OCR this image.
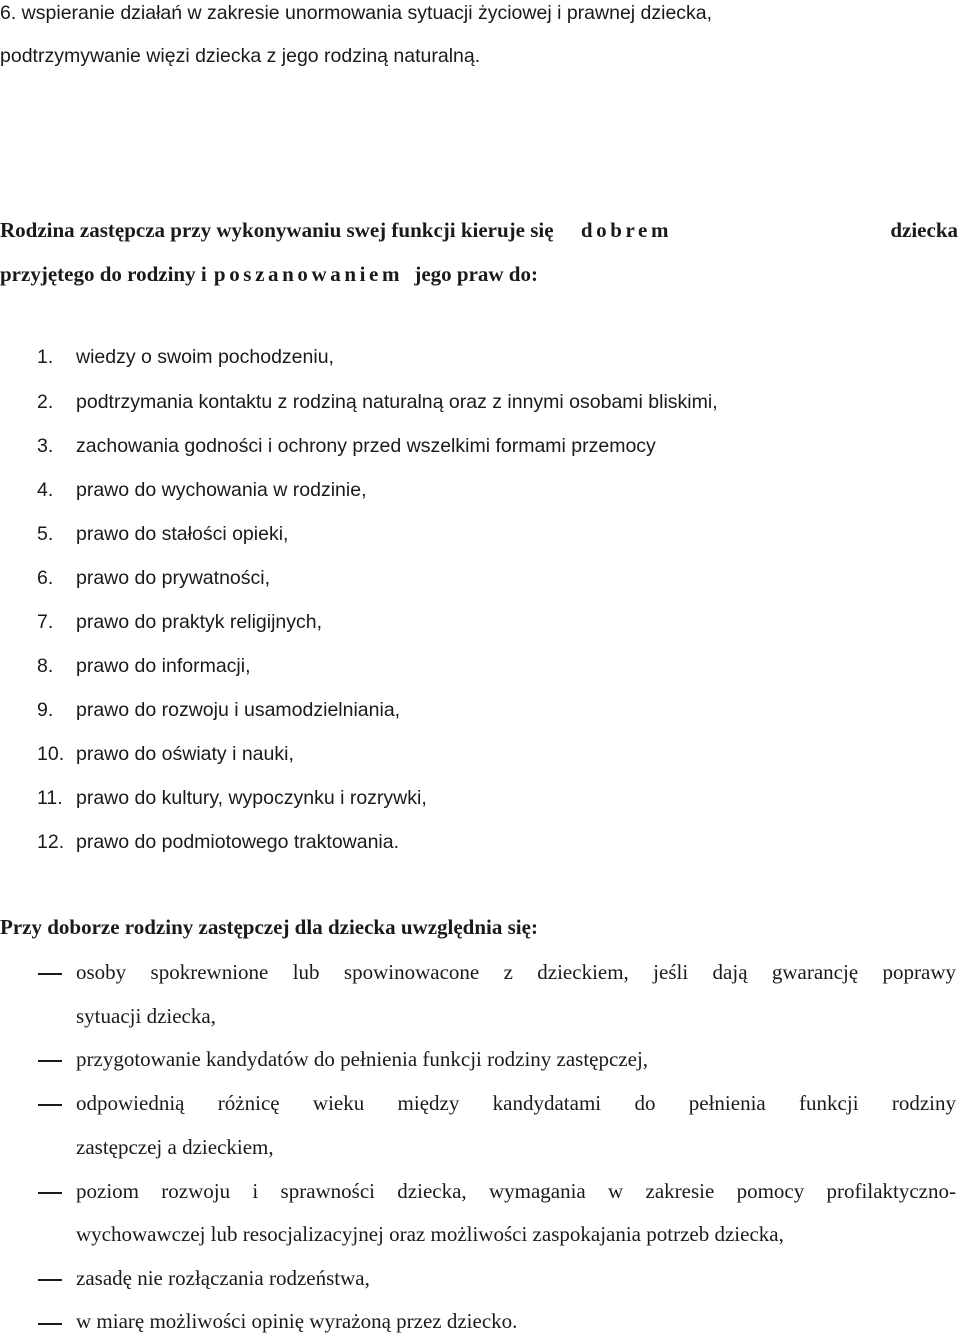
6. wspieranie działań w zakresie unormowania sytuacji życiowej i prawnej dziecka,
podtrzymywanie więzi dziecka z jego rodziną naturalną.
Rodzina zastępcza przy wykonywaniu swej funkcji kieruje się dobrem	dziecka
przyjętego do rodziny i poszanowaniem jego praw do:
1. wiedzy o swoim pochodzeniu,
2. podtrzymania kontaktu z rodziną naturalną oraz z innymi osobami bliskimi,
3. zachowania godności i ochrony przed wszelkimi formami przemocy
4. prawo do wychowania w rodzinie,
5. prawo do stałości opieki,
6. prawo do prywatności,
7. prawo do praktyk religijnych,
8. prawo do informacji,
9. prawo do rozwoju i usamodzielniania,
10. prawo do oświaty i nauki,
11. prawo do kultury, wypoczynku i rozrywki,
12. prawo do podmiotowego traktowania.
Przy doborze rodziny zastępczej dla dziecka uwzględnia się:
osoby spokrewnione lub spowinowacone z dzieckiem, jeśli dają gwarancję poprawy
sytuacji dziecka,
przygotowanie kandydatów do pełnienia funkcji rodziny zastępczej,
odpowiednią różnicę wieku między kandydatami do pełnienia funkcji rodziny
zastępczej a dzieckiem,
poziom rozwoju i sprawności dziecka, wymagania w zakresie pomocy profilaktyczno-
wychowawczej lub resocjalizacyjnej oraz możliwości zaspokajania potrzeb dziecka,
zasadę nie rozłączania rodzeństwa,
w miarę możliwości opinię wyrażoną przez dziecko.
